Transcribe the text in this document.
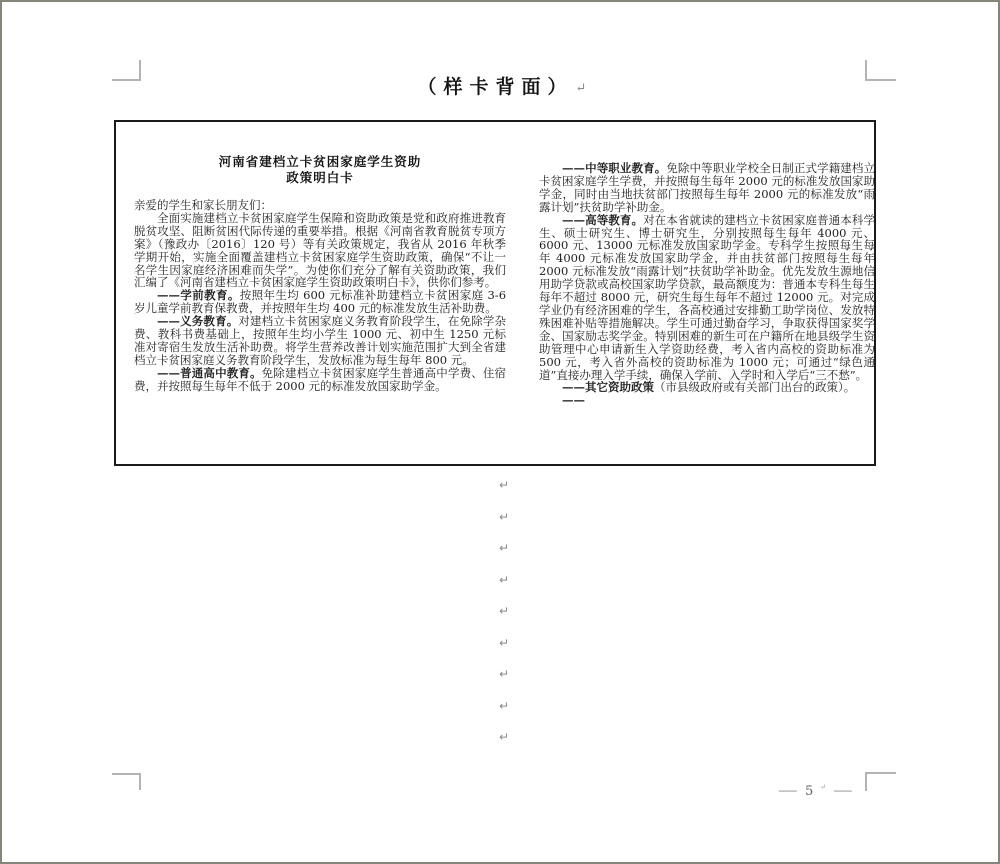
（样卡背面） ↵
河南省建档立卡贫困家庭学生资助
政策明白卡

亲爱的学生和家长朋友们：

全面实施建档立卡贫困家庭学生保障和资助政策是党和政府推进教育脱贫攻坚、阻断贫困代际传递的重要举措。根据《河南省教育脱贫专项方案》（豫政办〔2016〕120 号）等有关政策规定，我省从 2016 年秋季学期开始，实施全面覆盖建档立卡贫困家庭学生资助政策，确保“不让一名学生因家庭经济困难而失学”。为使你们充分了解有关资助政策，我们汇编了《河南省建档立卡贫困家庭学生资助政策明白卡》，供你们参考。

——学前教育。按照年生均 600 元标准补助建档立卡贫困家庭 3-6 岁儿童学前教育保教费，并按照年生均 400 元的标准发放生活补助费。

——义务教育。对建档立卡贫困家庭义务教育阶段学生，在免除学杂费、教科书费基础上，按照年生均小学生 1000 元、初中生 1250 元标准对寄宿生发放生活补助费。将学生营养改善计划实施范围扩大到全省建档立卡贫困家庭义务教育阶段学生，发放标准为每生每年 800 元。

——普通高中教育。免除建档立卡贫困家庭学生普通高中学费、住宿费，并按照每生每年不低于 2000 元的标准发放国家助学金。

——中等职业教育。免除中等职业学校全日制正式学籍建档立卡贫困家庭学生学费，并按照每生每年 2000 元的标准发放国家助学金，同时由当地扶贫部门按照每生每年 2000 元的标准发放“雨露计划”扶贫助学补助金。

——高等教育。对在本省就读的建档立卡贫困家庭普通本科学生、硕士研究生、博士研究生，分别按照每生每年 4000 元、6000 元、13000 元标准发放国家助学金。专科学生按照每生每年 4000 元标准发放国家助学金，并由扶贫部门按照每生每年 2000 元标准发放“雨露计划”扶贫助学补助金。优先发放生源地信用助学贷款或高校国家助学贷款，最高额度为：普通本专科生每生每年不超过 8000 元，研究生每生每年不超过 12000 元。对完成学业仍有经济困难的学生，各高校通过安排勤工助学岗位、发放特殊困难补贴等措施解决。学生可通过勤奋学习，争取获得国家奖学金、国家励志奖学金。特别困难的新生可在户籍所在地县级学生资助管理中心申请新生入学资助经费，考入省内高校的资助标准为 500 元，考入省外高校的资助标准为 1000 元；可通过“绿色通道”直接办理入学手续，确保入学前、入学时和入学后“三不愁”。

——其它资助政策（市县级政府或有关部门出台的政策）。

——

↵
↵
↵
↵
↵
↵
↵
↵
↵
— 5 ↵ —
